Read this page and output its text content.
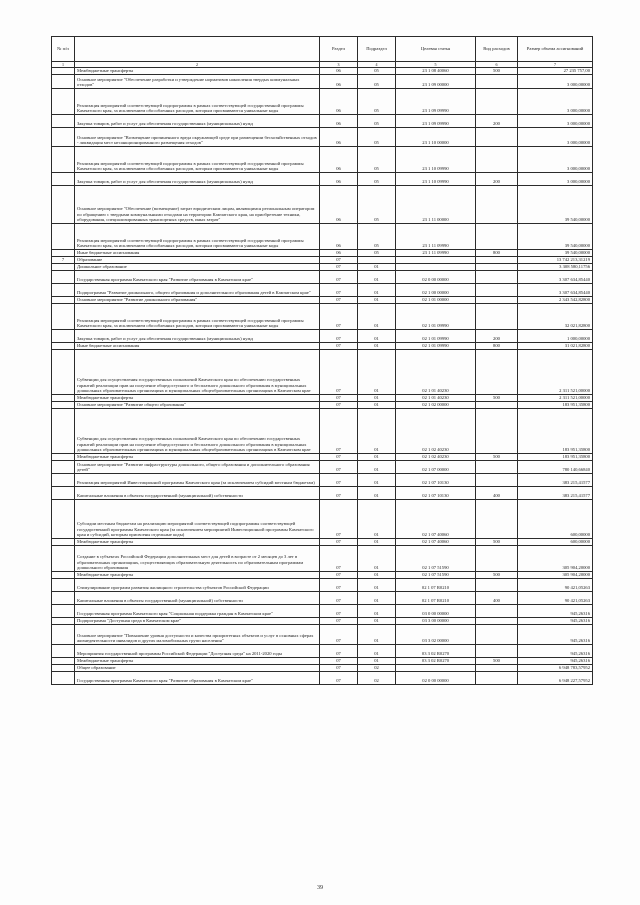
№ п/п		Раздел	Подраздел	Целевая статья	Вид расходов	Размер объема ассигнований
1	2	3	4	5	6	7
	Межбюджетные трансферты	06	05	23 1 08 40060	500	27 235 757,00
	Основное мероприятие "Обеспечение разработки и утверждение нормативов накопления твердых коммунальных отходов"	06	05	23 1 09 00000		3 000,00000
	Реализация мероприятий соответствующей подпрограммы в рамках соответствующей государственной программы Камчатского края, за исключением обособленных расходов, которым присваиваются уникальные коды	06	05	23 1 09 09990		3 000,00000
	Закупка товаров, работ и услуг для обеспечения государственных (муниципальных) нужд	06	05	23 1 09 09990	200	3 000,00000
	Основное мероприятие "Возмещение причиненного вреда окружающей среде при размещении бесхозяйственных отходов - ликвидация мест несанкционированного размещения отходов"	06	05	23 1 10 00000		3 000,00000
	Реализация мероприятий соответствующей подпрограммы в рамках соответствующей государственной программы Камчатского края, за исключением обособленных расходов, которым присваиваются уникальные коды	06	05	23 1 10 09990		3 000,00000
	Закупка товаров, работ и услуг для обеспечения государственных (муниципальных) нужд	06	05	23 1 10 09990	200	3 000,00000
	Основное мероприятие "Обеспечение (возмещение) затрат юридическим лицам, являющимся региональным оператором по обращению с твердыми коммунальными отходами на территории Камчатского края, на приобретение техники, оборудования, специализированных транспортных средств, иных затрат"	06	05	23 1 11 00000		39 540,00000
	Реализация мероприятий соответствующей подпрограммы в рамках соответствующей государственной программы Камчатского края, за исключением обособленных расходов, которым присваиваются уникальные коды	06	05	23 1 11 09990		39 540,00000
	Иные бюджетные ассигнования	06	05	23 1 11 09990	800	39 540,00000
7	Образование	07				13 742 213,31219
	Дошкольное образование	07	01			3 308 580,11756
	Государственная программа Камчатского края "Развитие образования в Камчатском крае"	07	01	02 0 00 00000		3 307 634,85440
	Подпрограмма "Развитие дошкольного, общего образования и дополнительного образования детей в Камчатском крае"	07	01	02 1 00 00000		3 307 634,85440
	Основное мероприятие "Развитие дошкольного образования"	07	01	02 1 01 00000		2 343 542,82800
	Реализация мероприятий соответствующей подпрограммы в рамках соответствующей государственной программы Камчатского края, за исключением обособленных расходов, которым присваиваются уникальные коды	07	01	02 1 01 09990		32 021,82800
	Закупка товаров, работ и услуг для обеспечения государственных (муниципальных) нужд	07	01	02 1 01 09990	200	1 000,00000
	Иные бюджетные ассигнования	07	01	02 1 01 09990	800	31 021,82800
	Субвенции для осуществления государственных полномочий Камчатского края по обеспечению государственных гарантий реализации прав на получение общедоступного и бесплатного дошкольного образования в муниципальных дошкольных образовательных организациях и муниципальных общеобразовательных организациях в Камчатском крае	07	01	02 1 01 40230		2 311 521,00000
	Межбюджетные трансферты	07	01	02 1 01 40230	500	2 311 521,00000
	Основное мероприятие "Развитие общего образования"	07	01	02 1 02 00000		183 951,35800
	Субвенции для осуществления государственных полномочий Камчатского края по обеспечению государственных гарантий реализации прав на получение общедоступного и бесплатного дошкольного образования в муниципальных дошкольных образовательных организациях и муниципальных общеобразовательных организациях в Камчатском крае	07	01	02 1 02 40230		183 951,35800
	Межбюджетные трансферты	07	01	02 1 02 40230	500	183 951,35800
	Основное мероприятие "Развитие инфраструктуры дошкольного, общего образования и дополнительного образования детей"	07	01	02 1 07 00000		780 140,66840
	Реализация мероприятий Инвестиционной программы Камчатского края (за исключением субсидий местным бюджетам)	07	01	02 1 07 10130		383 215,41577
	Капитальные вложения в объекты государственной (муниципальной) собственности	07	01	02 1 07 10130	400	383 215,41577
	Субсидии местным бюджетам на реализацию мероприятий соответствующей подпрограммы соответствующей государственной программы Камчатского края (за исключением мероприятий Инвестиционной программы Камчатского края и субсидий, которым присвоены отдельные коды)	07	01	02 1 07 40060		600,00000
	Межбюджетные трансферты	07	01	02 1 07 40060	500	600,00000
	Создание в субъектах Российской Федерации дополнительных мест для детей в возрасте от 2 месяцев до 3 лет в образовательных организациях, осуществляющих образовательную деятельность по образовательным программам дошкольного образования	07	01	02 1 07 51590		305 904,20000
	Межбюджетные трансферты	07	01	02 1 07 51590	500	305 904,20000
	Стимулирование программ развития жилищного строительства субъектов Российской Федерации	07	01	02 1 07 R0210		90 421,05263
	Капитальные вложения в объекты государственной (муниципальной) собственности	07	01	02 1 07 R0210	400	90 421,05263
	Государственная программа Камчатского края "Социальная поддержка граждан в Камчатском крае"	07	01	03 0 00 00000		945,26316
	Подпрограмма "Доступная среда в Камчатском крае"	07	01	03 3 00 00000		945,26316
	Основное мероприятие "Повышение уровня доступности и качества приоритетных объектов и услуг в основных сферах жизнедеятельности инвалидов и других маломобильных групп населения"	07	01	03 3 02 00000		945,26316
	Мероприятия государственной программы Российской Федерации "Доступная среда" на 2011-2020 годы	07	01	03 3 02 R0270		945,26316
	Межбюджетные трансферты	07	01	03 3 02 R0270	500	945,26316
	Общее образование	07	02			6 948 783,57952
	Государственная программа Камчатского края "Развитие образования в Камчатском крае"	07	02	02 0 00 00000		6 948 227,57952
39
